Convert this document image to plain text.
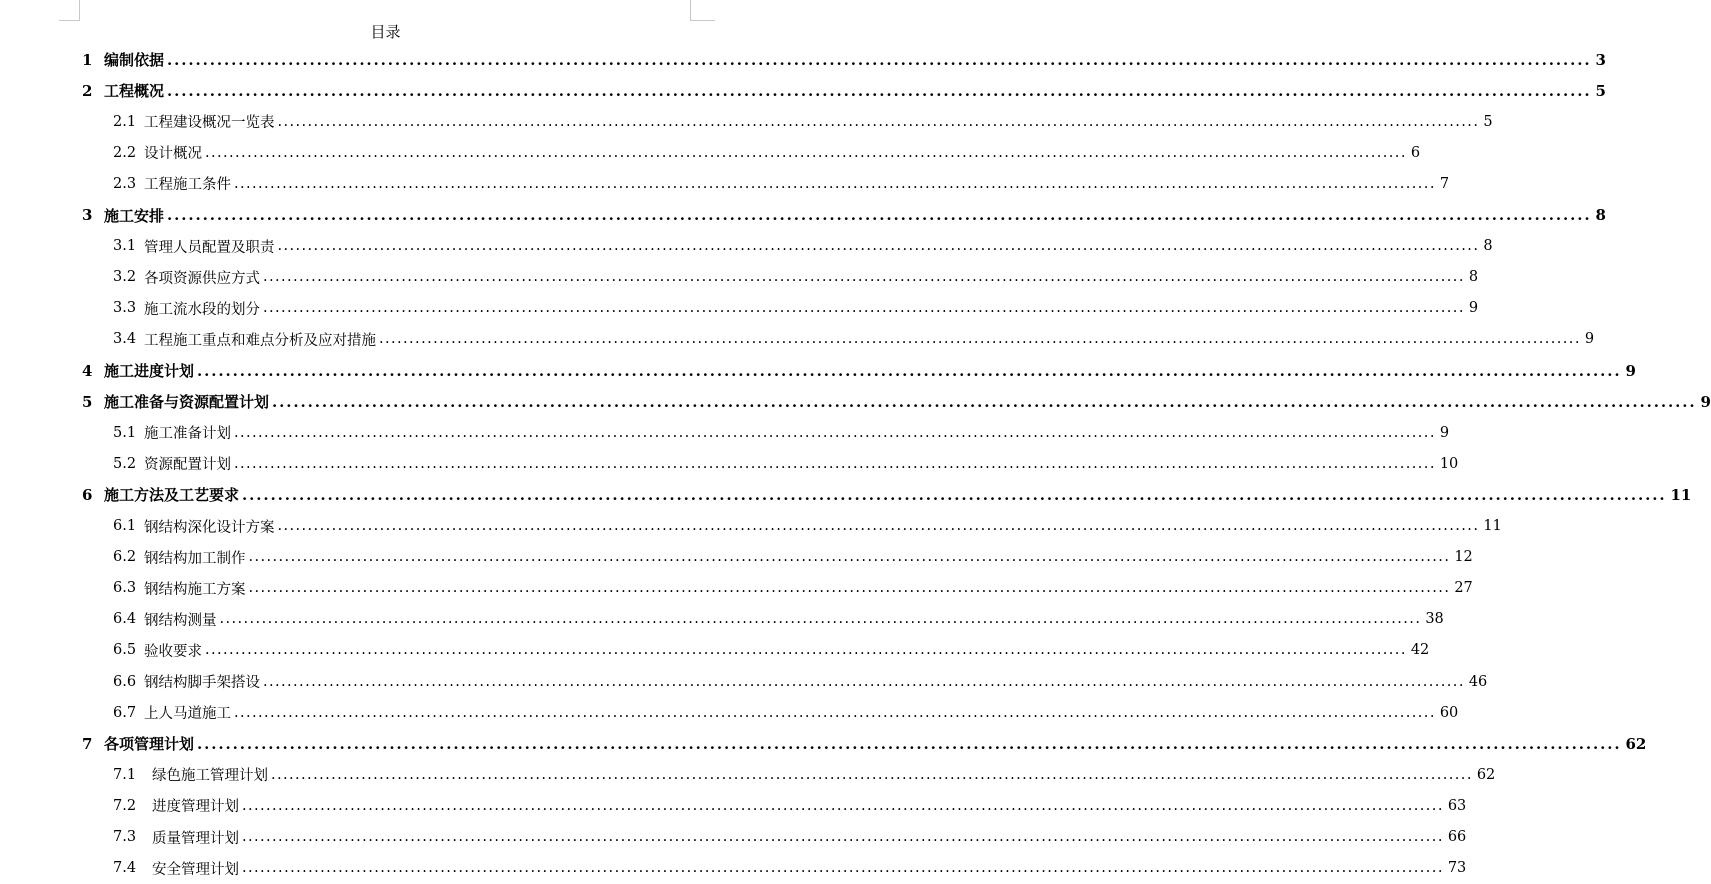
目录
1 编制依据 ........................................................................................................................................................................................................ 3
2 工程概况 ........................................................................................................................................................................................................ 5
2.1 工程建设概况一览表 ........................................................................................................................................................................................................ 5
2.2 设计概况 ........................................................................................................................................................................................................ 6
2.3 工程施工条件 ........................................................................................................................................................................................................ 7
3 施工安排 ........................................................................................................................................................................................................ 8
3.1 管理人员配置及职责 ........................................................................................................................................................................................................ 8
3.2 各项资源供应方式 ........................................................................................................................................................................................................ 8
3.3 施工流水段的划分 ........................................................................................................................................................................................................ 9
3.4 工程施工重点和难点分析及应对措施 ........................................................................................................................................................................................................ 9
4 施工进度计划 ........................................................................................................................................................................................................ 9
5 施工准备与资源配置计划 ........................................................................................................................................................................................................ 9
5.1 施工准备计划 ........................................................................................................................................................................................................ 9
5.2 资源配置计划 ........................................................................................................................................................................................................ 10
6 施工方法及工艺要求 ........................................................................................................................................................................................................ 11
6.1 钢结构深化设计方案 ........................................................................................................................................................................................................ 11
6.2 钢结构加工制作 ........................................................................................................................................................................................................ 12
6.3 钢结构施工方案 ........................................................................................................................................................................................................ 27
6.4 钢结构测量 ........................................................................................................................................................................................................ 38
6.5 验收要求 ........................................................................................................................................................................................................ 42
6.6 钢结构脚手架搭设 ........................................................................................................................................................................................................ 46
6.7 上人马道施工 ........................................................................................................................................................................................................ 60
7 各项管理计划 ........................................................................................................................................................................................................ 62
7.1	绿色施工管理计划 ........................................................................................................................................................................................................ 62
7.2	进度管理计划 ........................................................................................................................................................................................................ 63
7.3	质量管理计划 ........................................................................................................................................................................................................ 66
7.4	安全管理计划 ........................................................................................................................................................................................................ 73
